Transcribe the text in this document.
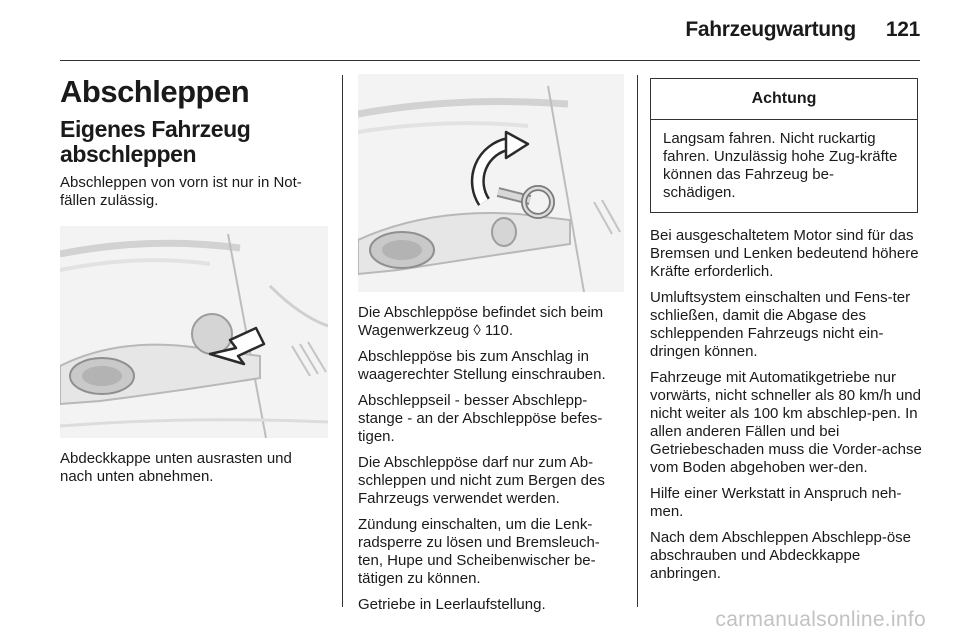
Fahrzeugwartung 121
Abschleppen
Eigenes Fahrzeug abschleppen

Abschleppen von vorn ist nur in Not-fällen zulässig.

Abdeckkappe unten ausrasten und nach unten abnehmen.

Die Abschleppöse befindet sich beim Wagenwerkzeug ◊ 110.

Abschleppöse bis zum Anschlag in waagerechter Stellung einschrauben.

Abschleppseil - besser Abschlepp-stange - an der Abschleppöse befes-tigen.

Die Abschleppöse darf nur zum Ab-schleppen und nicht zum Bergen des Fahrzeugs verwendet werden.

Zündung einschalten, um die Lenk-radsperre zu lösen und Bremsleuch-ten, Hupe und Scheibenwischer be-tätigen zu können.

Getriebe in Leerlaufstellung.

Achtung
Langsam fahren. Nicht ruckartig fahren. Unzulässig hohe Zug-kräfte können das Fahrzeug be-schädigen.

Bei ausgeschaltetem Motor sind für das Bremsen und Lenken bedeutend höhere Kräfte erforderlich.

Umluftsystem einschalten und Fens-ter schließen, damit die Abgase des schleppenden Fahrzeugs nicht ein-dringen können.

Fahrzeuge mit Automatikgetriebe nur vorwärts, nicht schneller als 80 km/h und nicht weiter als 100 km abschlep-pen. In allen anderen Fällen und bei Getriebeschaden muss die Vorder-achse vom Boden abgehoben wer-den.

Hilfe einer Werkstatt in Anspruch neh-men.

Nach dem Abschleppen Abschlepp-öse abschrauben und Abdeckkappe anbringen.

carmanualsonline.info
